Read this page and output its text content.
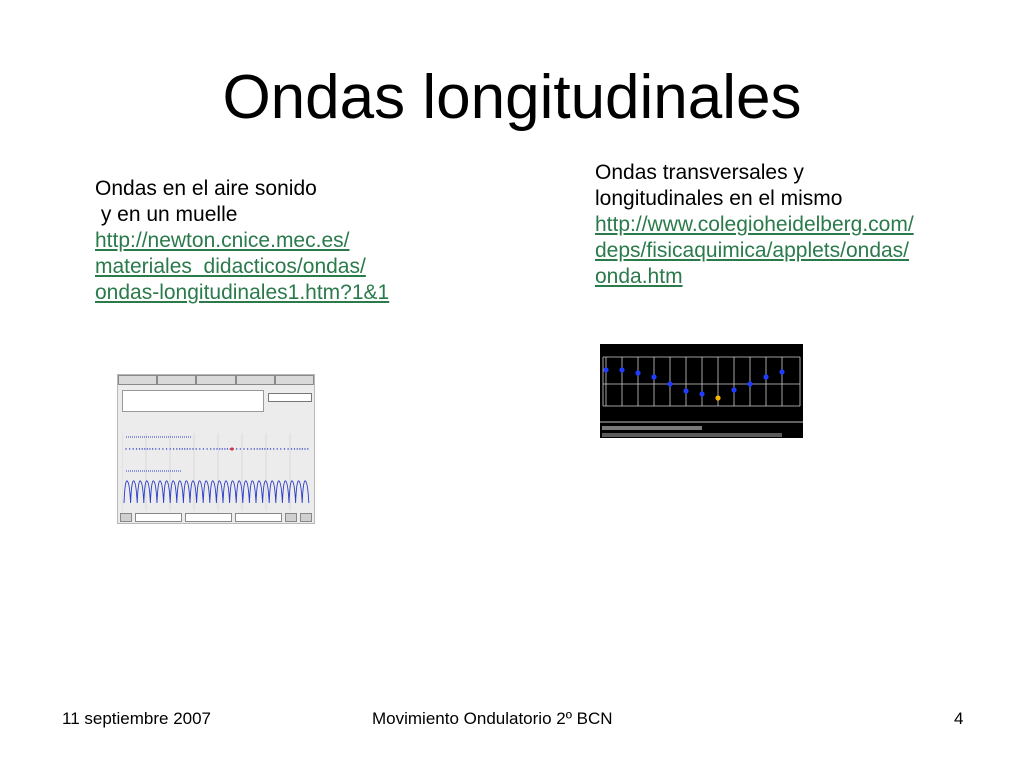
Ondas longitudinales
Ondas en el aire sonido
y en un muelle
http://newton.cnice.mec.es/
materiales_didacticos/ondas/
ondas-longitudinales1.htm?1&1
Ondas transversales y
longitudinales en el mismo
http://www.colegioheidelberg.com/
deps/fisicaquimica/applets/ondas/
onda.htm
11 septiembre 2007	Movimiento Ondulatorio 2º BCN	4
